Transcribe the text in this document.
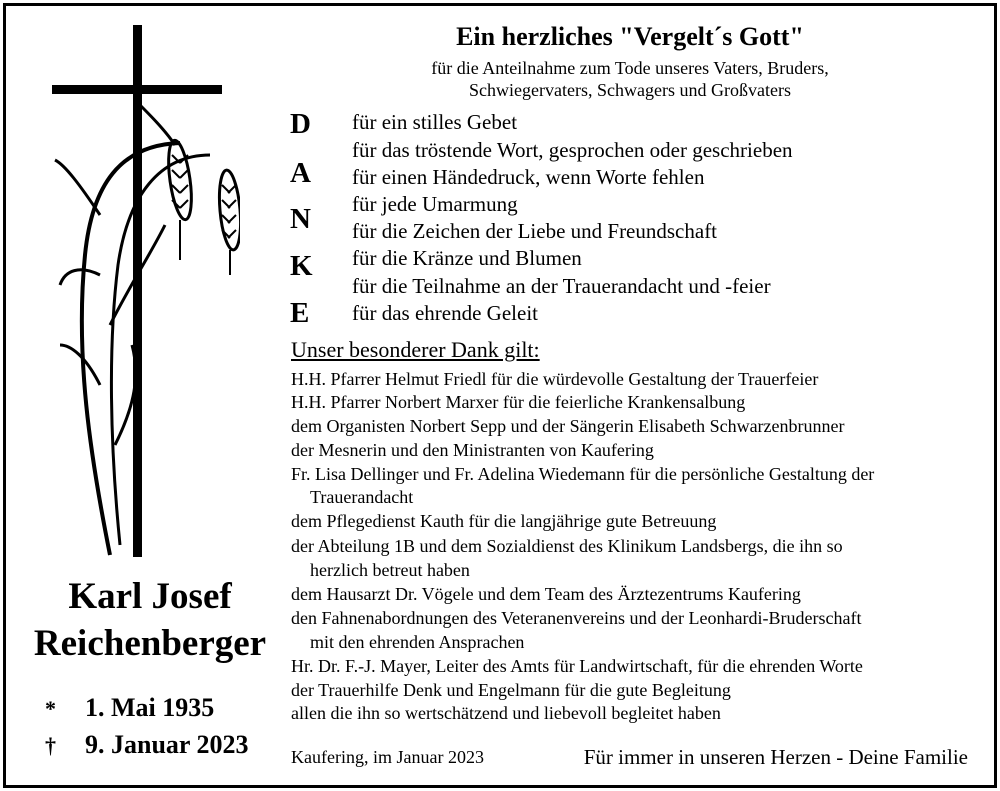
Karl Josef
Reichenberger
* 1. Mai 1935
† 9. Januar 2023
Ein herzliches "Vergelt´s Gott"
für die Anteilnahme zum Tode unseres Vaters, Bruders,
Schwiegervaters, Schwagers und Großvaters
D
A
N
K
E
für ein stilles Gebet
für das tröstende Wort, gesprochen oder geschrieben
für einen Händedruck, wenn Worte fehlen
für jede Umarmung
für die Zeichen der Liebe und Freundschaft
für die Kränze und Blumen
für die Teilnahme an der Trauerandacht und -feier
für das ehrende Geleit
Unser besonderer Dank gilt:
H.H. Pfarrer Helmut Friedl für die würdevolle Gestaltung der Trauerfeier
H.H. Pfarrer Norbert Marxer für die feierliche Krankensalbung
dem Organisten Norbert Sepp und der Sängerin Elisabeth Schwarzenbrunner
der Mesnerin und den Ministranten von Kaufering
Fr. Lisa Dellinger und Fr. Adelina Wiedemann für die persönliche Gestaltung der
Trauerandacht
dem Pflegedienst Kauth für die langjährige gute Betreuung
der Abteilung 1B und dem Sozialdienst des Klinikum Landsbergs, die ihn so
herzlich betreut haben
dem Hausarzt Dr. Vögele und dem Team des Ärztezentrums Kaufering
den Fahnenabordnungen des Veteranenvereins und der Leonhardi-Bruderschaft
mit den ehrenden Ansprachen
Hr. Dr. F.-J. Mayer, Leiter des Amts für Landwirtschaft, für die ehrenden Worte
der Trauerhilfe Denk und Engelmann für die gute Begleitung
allen die ihn so wertschätzend und liebevoll begleitet haben
Kaufering, im Januar 2023	Für immer in unseren Herzen - Deine Familie
